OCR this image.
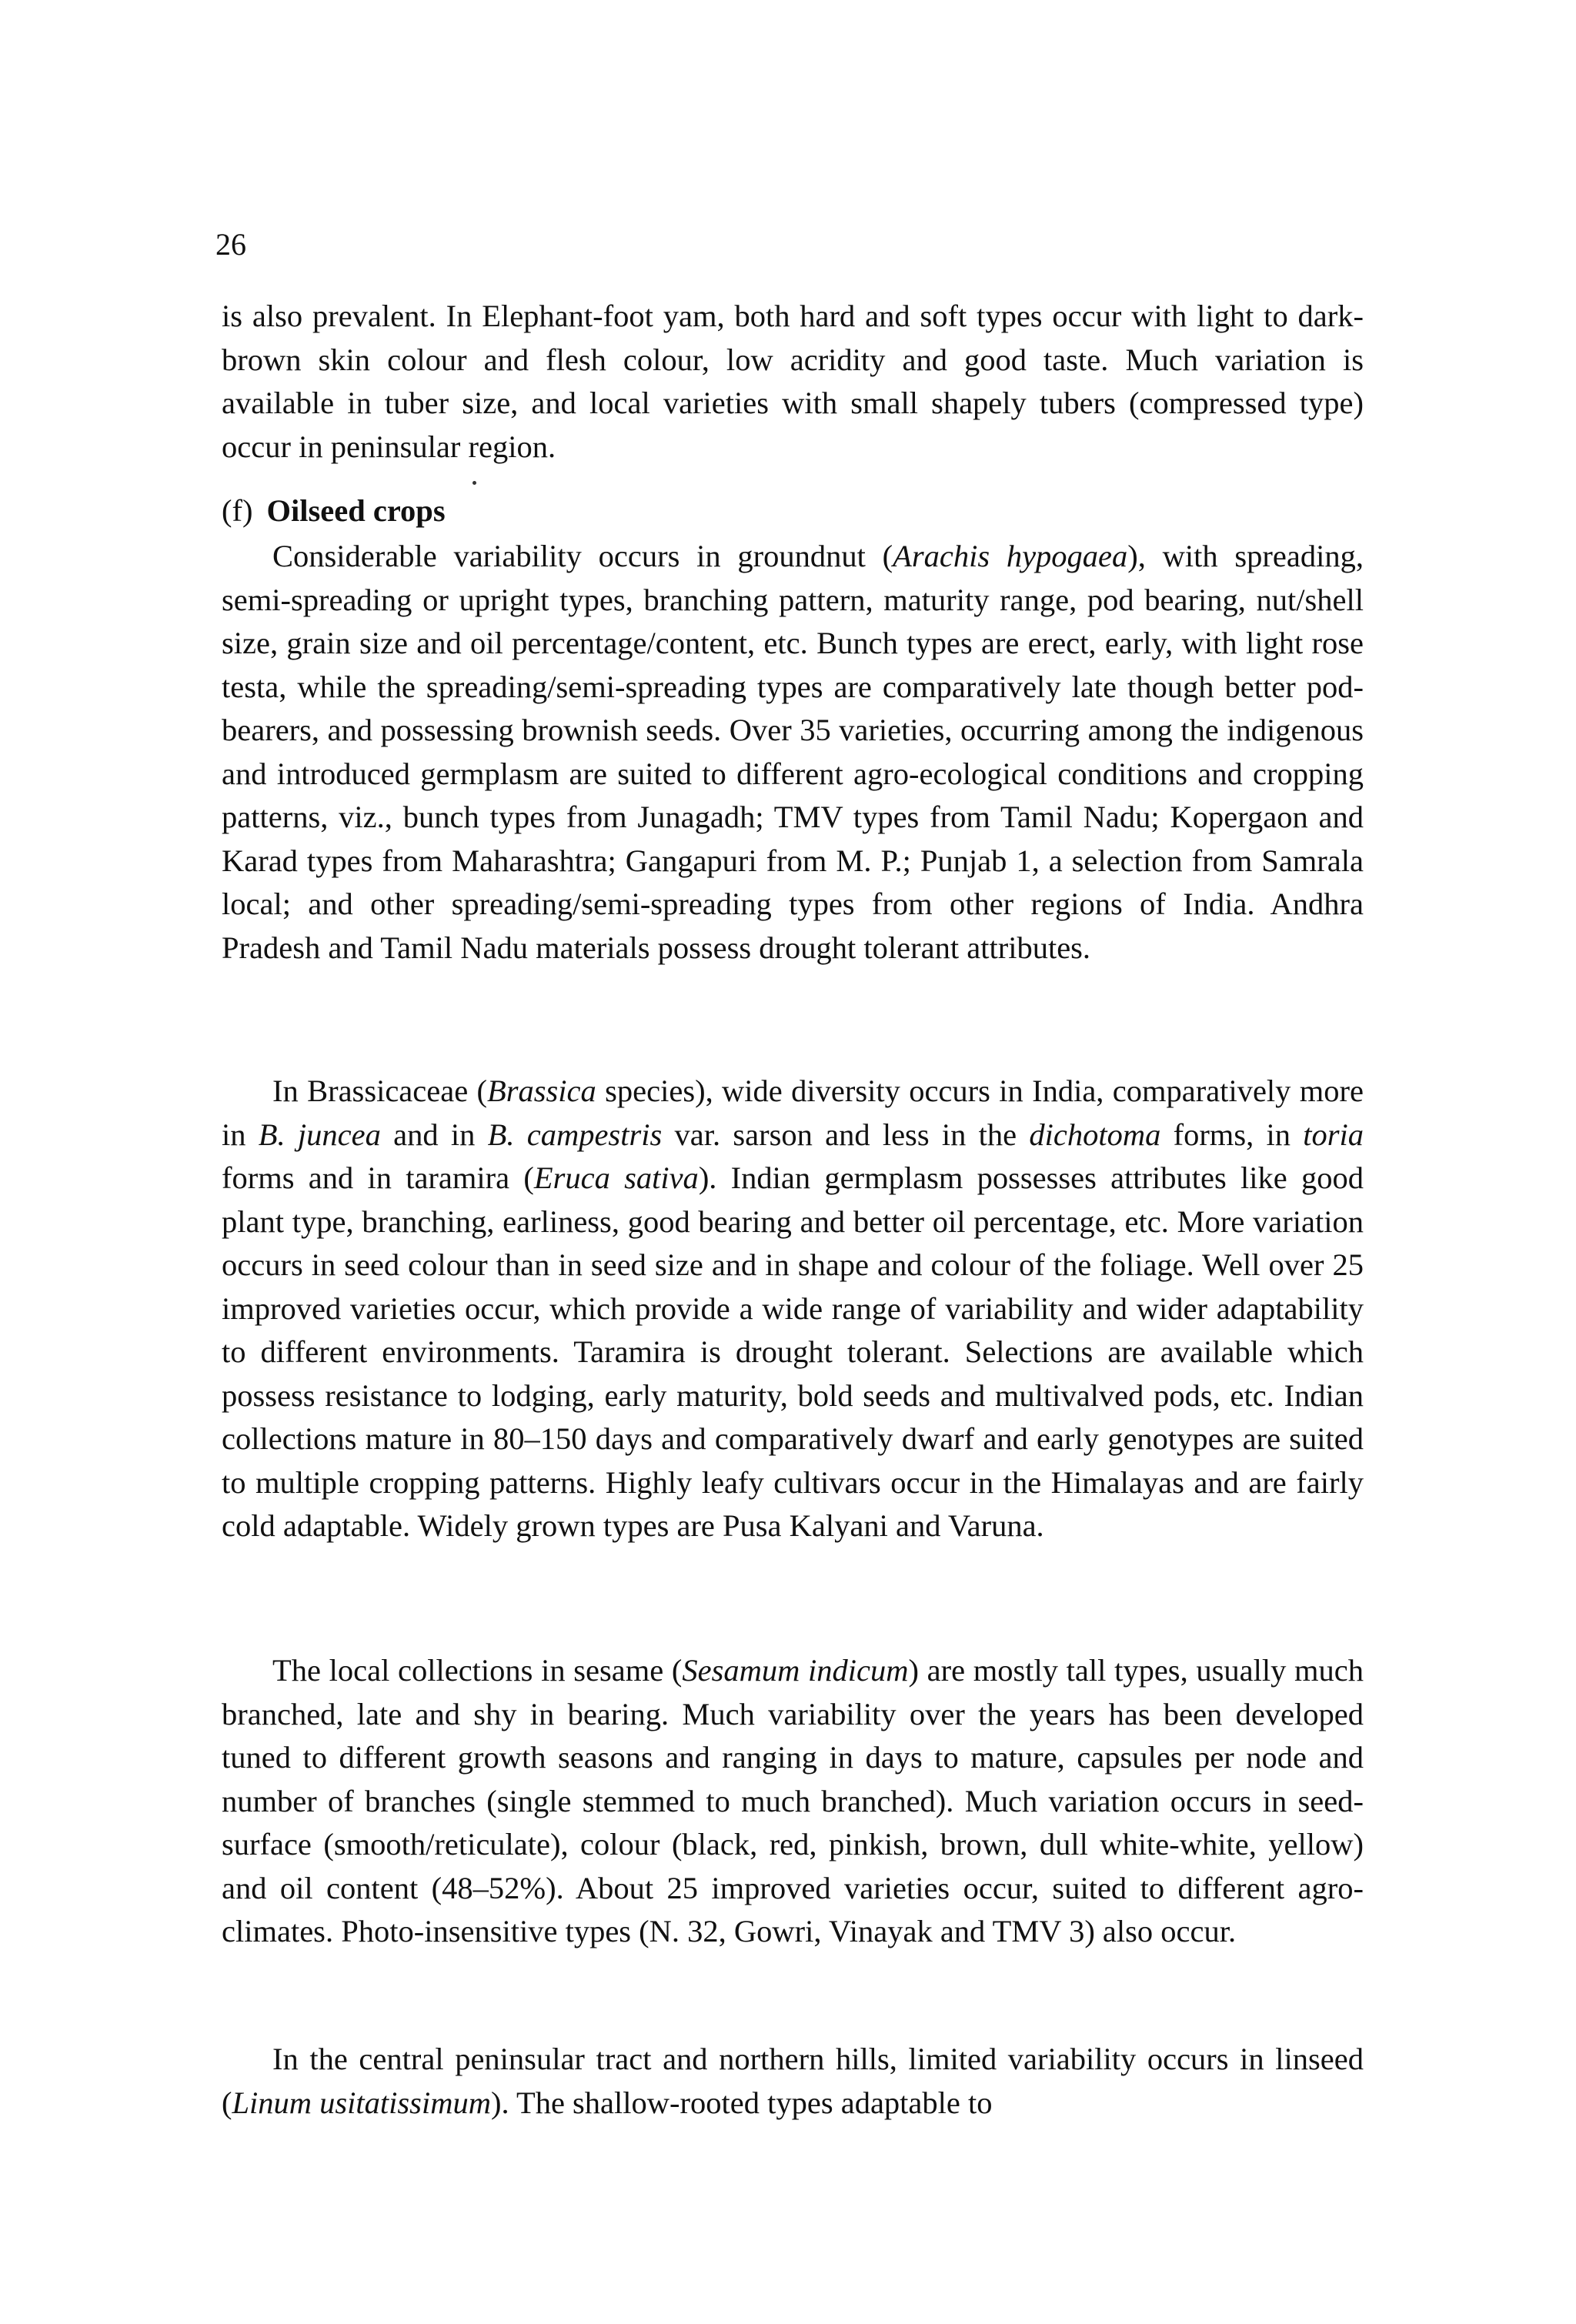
26

is also prevalent. In Elephant-foot yam, both hard and soft types occur with light to dark-brown skin colour and flesh colour, low acridity and good taste. Much variation is available in tuber size, and local varieties with small shapely tubers (compressed type) occur in peninsular region.

(f) Oilseed crops

Considerable variability occurs in groundnut (Arachis hypogaea), with spreading, semi-spreading or upright types, branching pattern, maturity range, pod bearing, nut/shell size, grain size and oil percentage/content, etc. Bunch types are erect, early, with light rose testa, while the spreading/semi-spreading types are comparatively late though better pod-bearers, and possessing brownish seeds. Over 35 varieties, occurring among the indigenous and introduced germplasm are suited to different agro-ecological conditions and cropping patterns, viz., bunch types from Junagadh; TMV types from Tamil Nadu; Kopergaon and Karad types from Maharashtra; Gangapuri from M. P.; Punjab 1, a selection from Samrala local; and other spreading/semi-spreading types from other regions of India. Andhra Pradesh and Tamil Nadu materials possess drought tolerant attributes.

In Brassicaceae (Brassica species), wide diversity occurs in India, comparatively more in B. juncea and in B. campestris var. sarson and less in the dichotoma forms, in toria forms and in taramira (Eruca sativa). Indian germplasm possesses attributes like good plant type, branching, earliness, good bearing and better oil percentage, etc. More variation occurs in seed colour than in seed size and in shape and colour of the foliage. Well over 25 improved varieties occur, which provide a wide range of variability and wider adaptability to different environments. Taramira is drought tolerant. Selections are available which possess resistance to lodging, early maturity, bold seeds and multivalved pods, etc. Indian collections mature in 80–150 days and comparatively dwarf and early genotypes are suited to multiple cropping patterns. Highly leafy cultivars occur in the Himalayas and are fairly cold adaptable. Widely grown types are Pusa Kalyani and Varuna.

The local collections in sesame (Sesamum indicum) are mostly tall types, usually much branched, late and shy in bearing. Much variability over the years has been developed tuned to different growth seasons and ranging in days to mature, capsules per node and number of branches (single stemmed to much branched). Much variation occurs in seed-surface (smooth/reticulate), colour (black, red, pinkish, brown, dull white-white, yellow) and oil content (48–52%). About 25 improved varieties occur, suited to different agro-climates. Photo-insensitive types (N. 32, Gowri, Vinayak and TMV 3) also occur.

In the central peninsular tract and northern hills, limited variability occurs in linseed (Linum usitatissimum). The shallow-rooted types adaptable to
